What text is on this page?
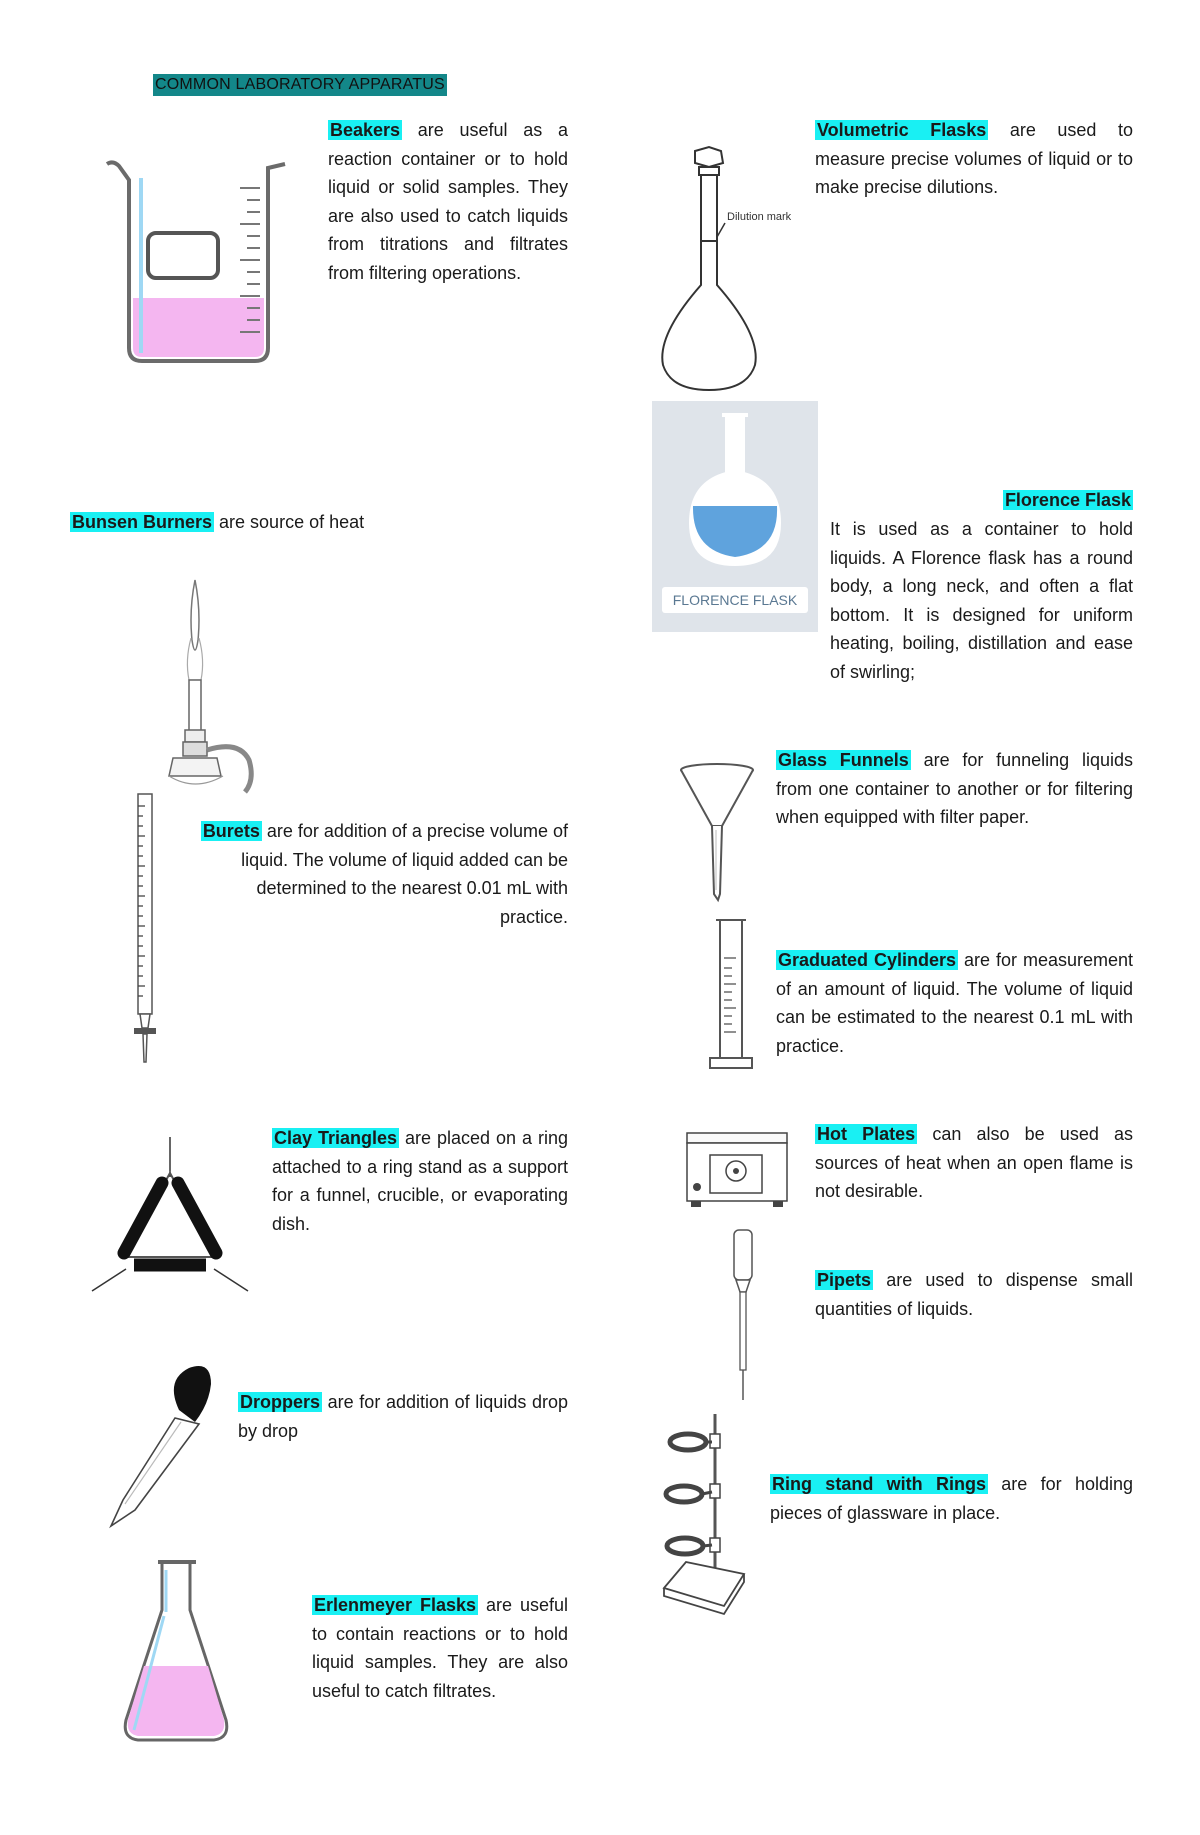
COMMON LABORATORY APPARATUS
Beakers are useful as a reaction container or to hold liquid or solid samples. They are also used to catch liquids from titrations and filtrates from filtering operations.
Dilution mark
Volumetric Flasks are used to measure precise volumes of liquid or to make precise dilutions.
FLORENCE FLASK
Florence Flask
It is used as a container to hold liquids. A Florence flask has a round body, a long neck, and often a flat bottom. It is designed for uniform heating, boiling, distillation and ease of swirling;
Bunsen Burners are source of heat
Burets are for addition of a precise volume of liquid. The volume of liquid added can be determined to the nearest 0.01 mL with practice.
Glass Funnels are for funneling liquids from one container to another or for filtering when equipped with filter paper.
Graduated Cylinders are for measurement of an amount of liquid. The volume of liquid can be estimated to the nearest 0.1 mL with practice.
Clay Triangles are placed on a ring attached to a ring stand as a support for a funnel, crucible, or evaporating dish.
Hot Plates can also be used as sources of heat when an open flame is not desirable.
Pipets are used to dispense small quantities of liquids.
Droppers are for addition of liquids drop by drop
Ring stand with Rings are for holding pieces of glassware in place.
Erlenmeyer Flasks are useful to contain reactions or to hold liquid samples. They are also useful to catch filtrates.
